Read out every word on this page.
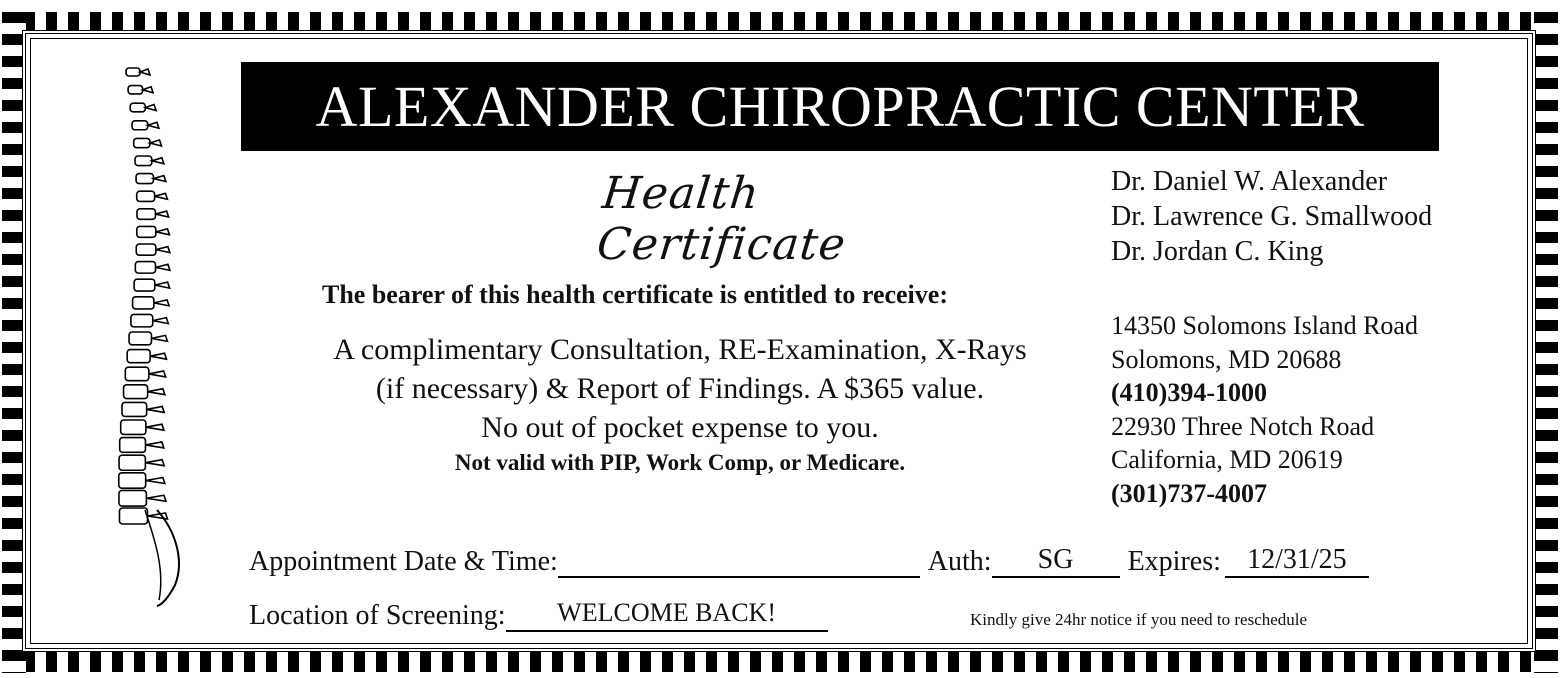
ALEXANDER CHIROPRACTIC CENTER
Health Certificate
Dr. Daniel W. Alexander
Dr. Lawrence G. Smallwood
Dr. Jordan C. King
14350 Solomons Island Road
Solomons, MD 20688
(410)394-1000
22930 Three Notch Road
California, MD 20619
(301)737-4007
The bearer of this health certificate is entitled to receive:
A complimentary Consultation, RE-Examination, X-Rays
(if necessary) & Report of Findings. A $365 value.
No out of pocket expense to you.
Not valid with PIP, Work Comp, or Medicare.
Appointment Date & Time:	Auth:	SG	Expires: 12/31/25
Location of Screening:	WELCOME BACK!	Kindly give 24hr notice if you need to reschedule
